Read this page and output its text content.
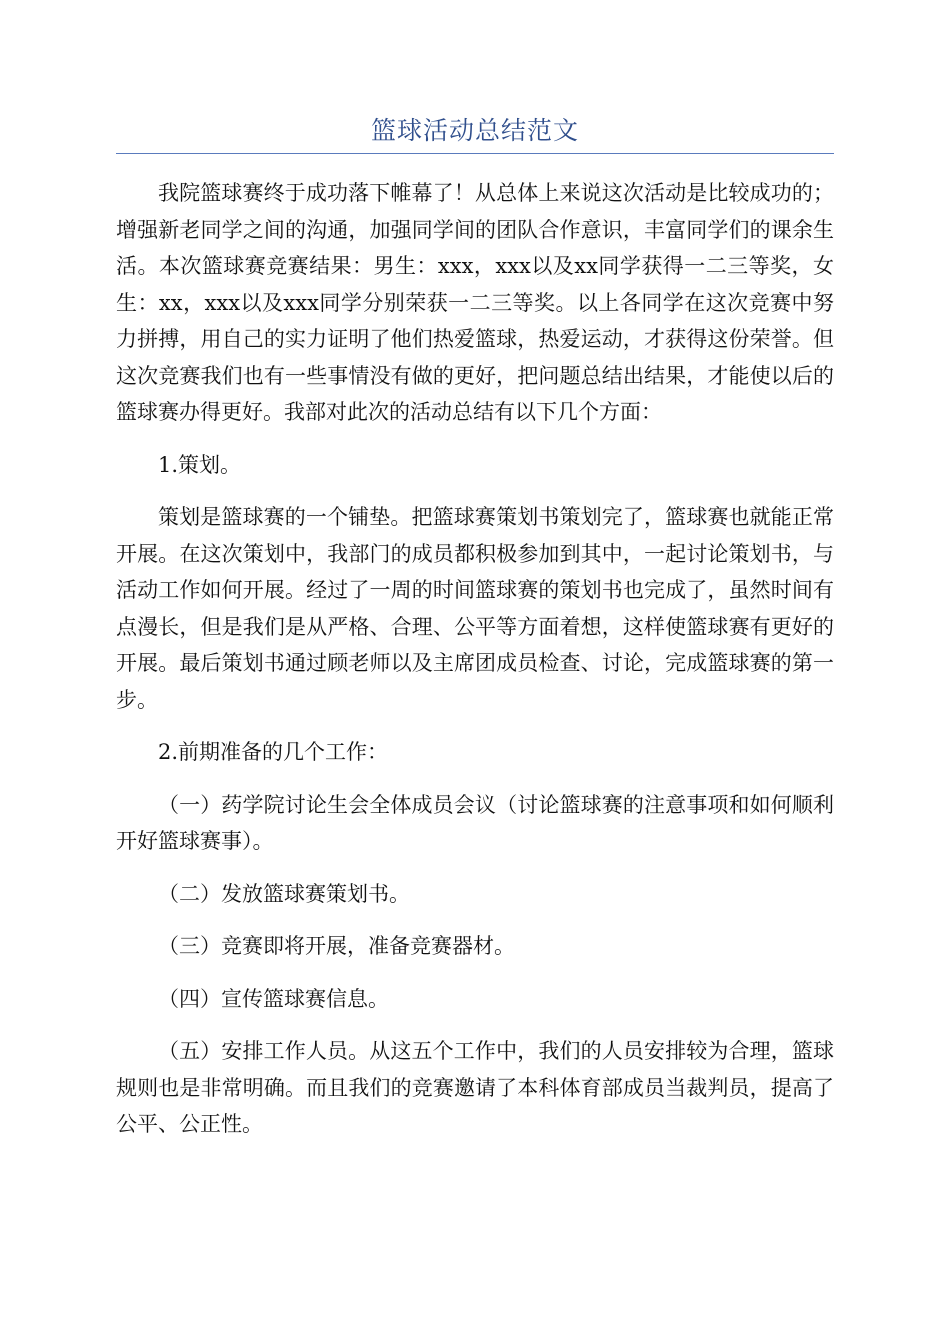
篮球活动总结范文

我院篮球赛终于成功落下帷幕了！从总体上来说这次活动是比较成功的；增强新老同学之间的沟通，加强同学间的团队合作意识，丰富同学们的课余生活。本次篮球赛竞赛结果：男生：xxx，xxx以及xx同学获得一二三等奖，女生：xx，xxx以及xxx同学分别荣获一二三等奖。以上各同学在这次竞赛中努力拼搏，用自己的实力证明了他们热爱篮球，热爱运动，才获得这份荣誉。但这次竞赛我们也有一些事情没有做的更好，把问题总结出结果，才能使以后的篮球赛办得更好。我部对此次的活动总结有以下几个方面：

1.策划。

策划是篮球赛的一个铺垫。把篮球赛策划书策划完了，篮球赛也就能正常开展。在这次策划中，我部门的成员都积极参加到其中，一起讨论策划书，与活动工作如何开展。经过了一周的时间篮球赛的策划书也完成了，虽然时间有点漫长，但是我们是从严格、合理、公平等方面着想，这样使篮球赛有更好的开展。最后策划书通过顾老师以及主席团成员检查、讨论，完成篮球赛的第一步。

2.前期准备的几个工作：

（一）药学院讨论生会全体成员会议（讨论篮球赛的注意事项和如何顺利开好篮球赛事）。

（二）发放篮球赛策划书。

（三）竞赛即将开展，准备竞赛器材。

（四）宣传篮球赛信息。

（五）安排工作人员。从这五个工作中，我们的人员安排较为合理，篮球规则也是非常明确。而且我们的竞赛邀请了本科体育部成员当裁判员，提高了公平、公正性。
